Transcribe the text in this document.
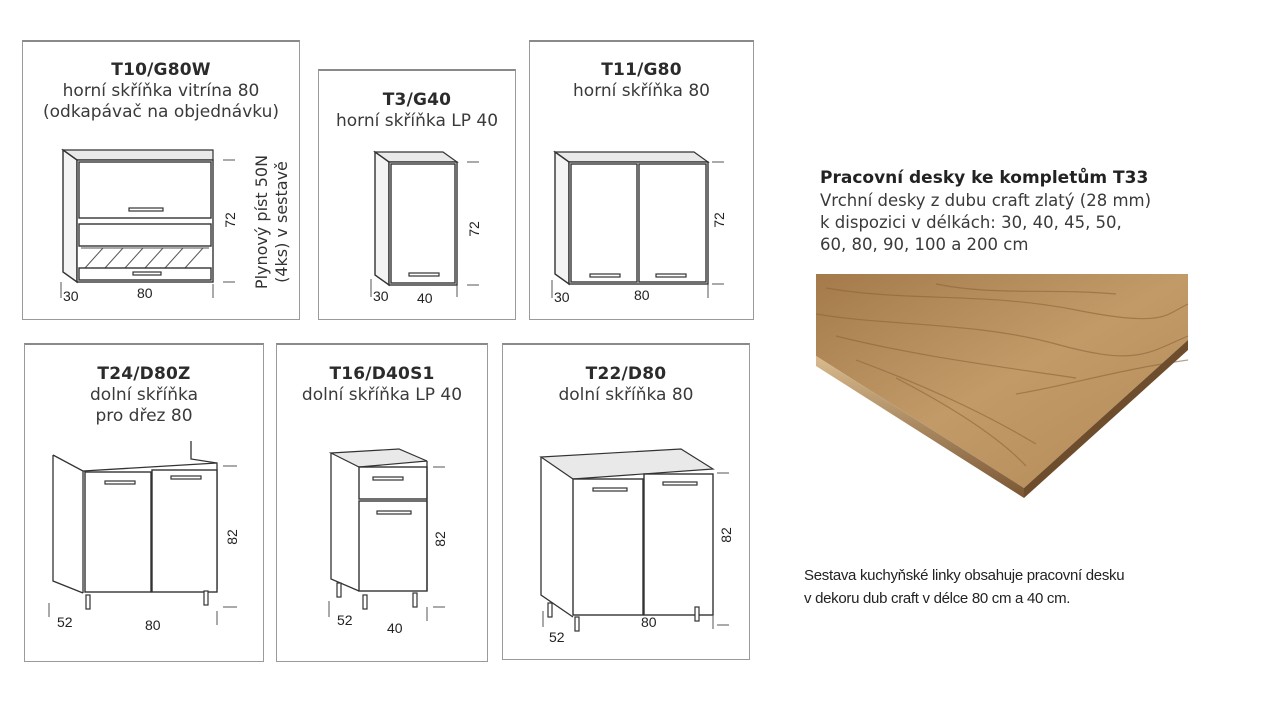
T10/G80W
horní skříňka vitrína 80
(odkapávač na objednávku)
30	80
72 Plynový píst 50N (4ks) v sestavě
T3/G40
horní skříňka LP 40
30 40
72
T11/G80
horní skříňka 80
30	80
72
T24/D80Z
dolní skříňka
pro dřez 80
52	80
82
T16/D40S1
dolní skříňka LP 40
52 40
82
T22/D80
dolní skříňka 80
52
80
82
Pracovní desky ke kompletům T33
Vrchní desky z dubu craft zlatý (28 mm)
k dispozici v délkách: 30, 40, 45, 50,
60, 80, 90, 100 a 200 cm
Sestava kuchyňské linky obsahuje pracovní desku
v dekoru dub craft v délce 80 cm a 40 cm.
